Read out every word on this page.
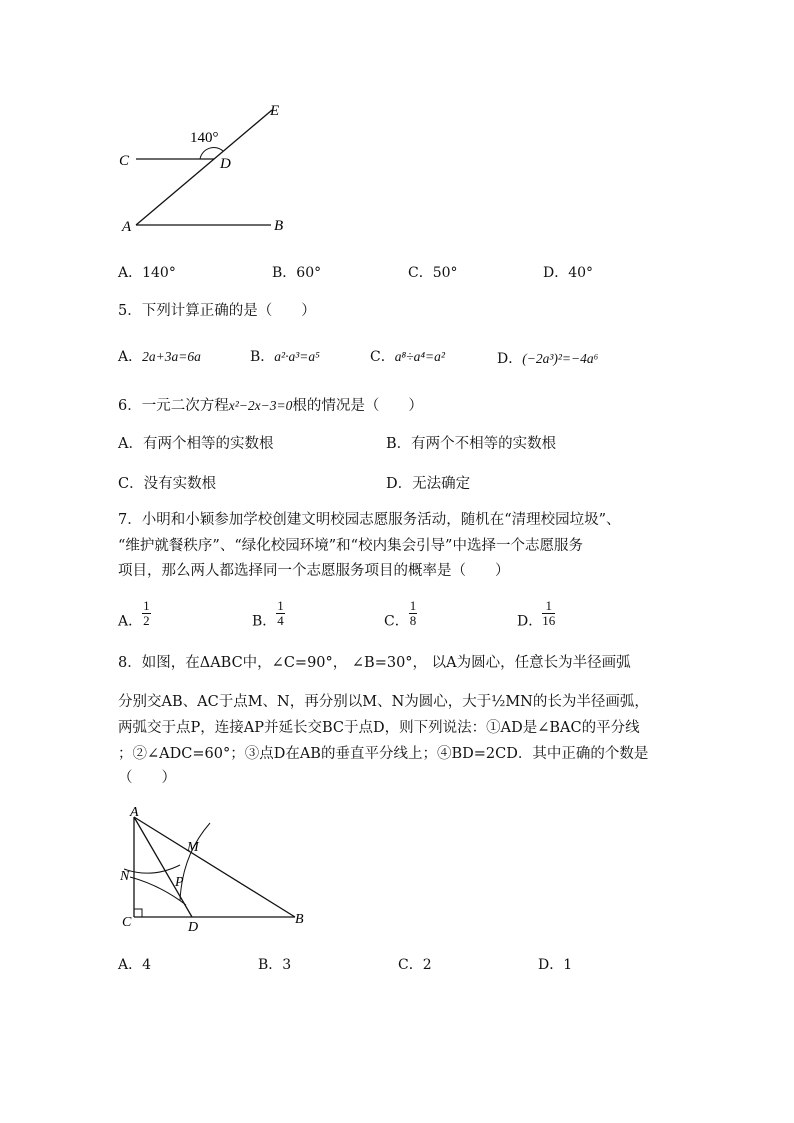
140°
C	D
E
A	B
A．140°	B．60°	C．50°	D．40°
5．下列计算正确的是（　　）
A．2a+3a=6a	B．a²·a³=a⁵	C．a⁸÷a⁴=a²	D．(−2a³)²=−4a⁶
6．一元二次方程x²−2x−3=0根的情况是（　　）
A．有两个相等的实数根	B．有两个不相等的实数根
C．没有实数根	D．无法确定
7．小明和小颖参加学校创建文明校园志愿服务活动，随机在“清理校园垃圾”、
“维护就餐秩序”、“绿化校园环境”和“校内集会引导”中选择一个志愿服务
项目，那么两人都选择同一个志愿服务项目的概率是（　　）
A． $\frac{1}{2}$	B． $\frac{1}{4}$	C． $\frac{1}{8}$	D． $\frac{1}{16}$
8．如图，在ΔABC中，∠C=90°， ∠B=30°， 以A为圆心，任意长为半径画弧
分别交AB、AC于点M、N，再分别以M、N为圆心，大于½MN的长为半径画弧，
两弧交于点P，连接AP并延长交BC于点D，则下列说法：①AD是∠BAC的平分线
；②∠ADC=60°；③点D在AB的垂直平分线上；④BD=2CD．其中正确的个数是
（　　）
A
M
N	P
C	D
B
A．4	B．3	C．2	D．1
